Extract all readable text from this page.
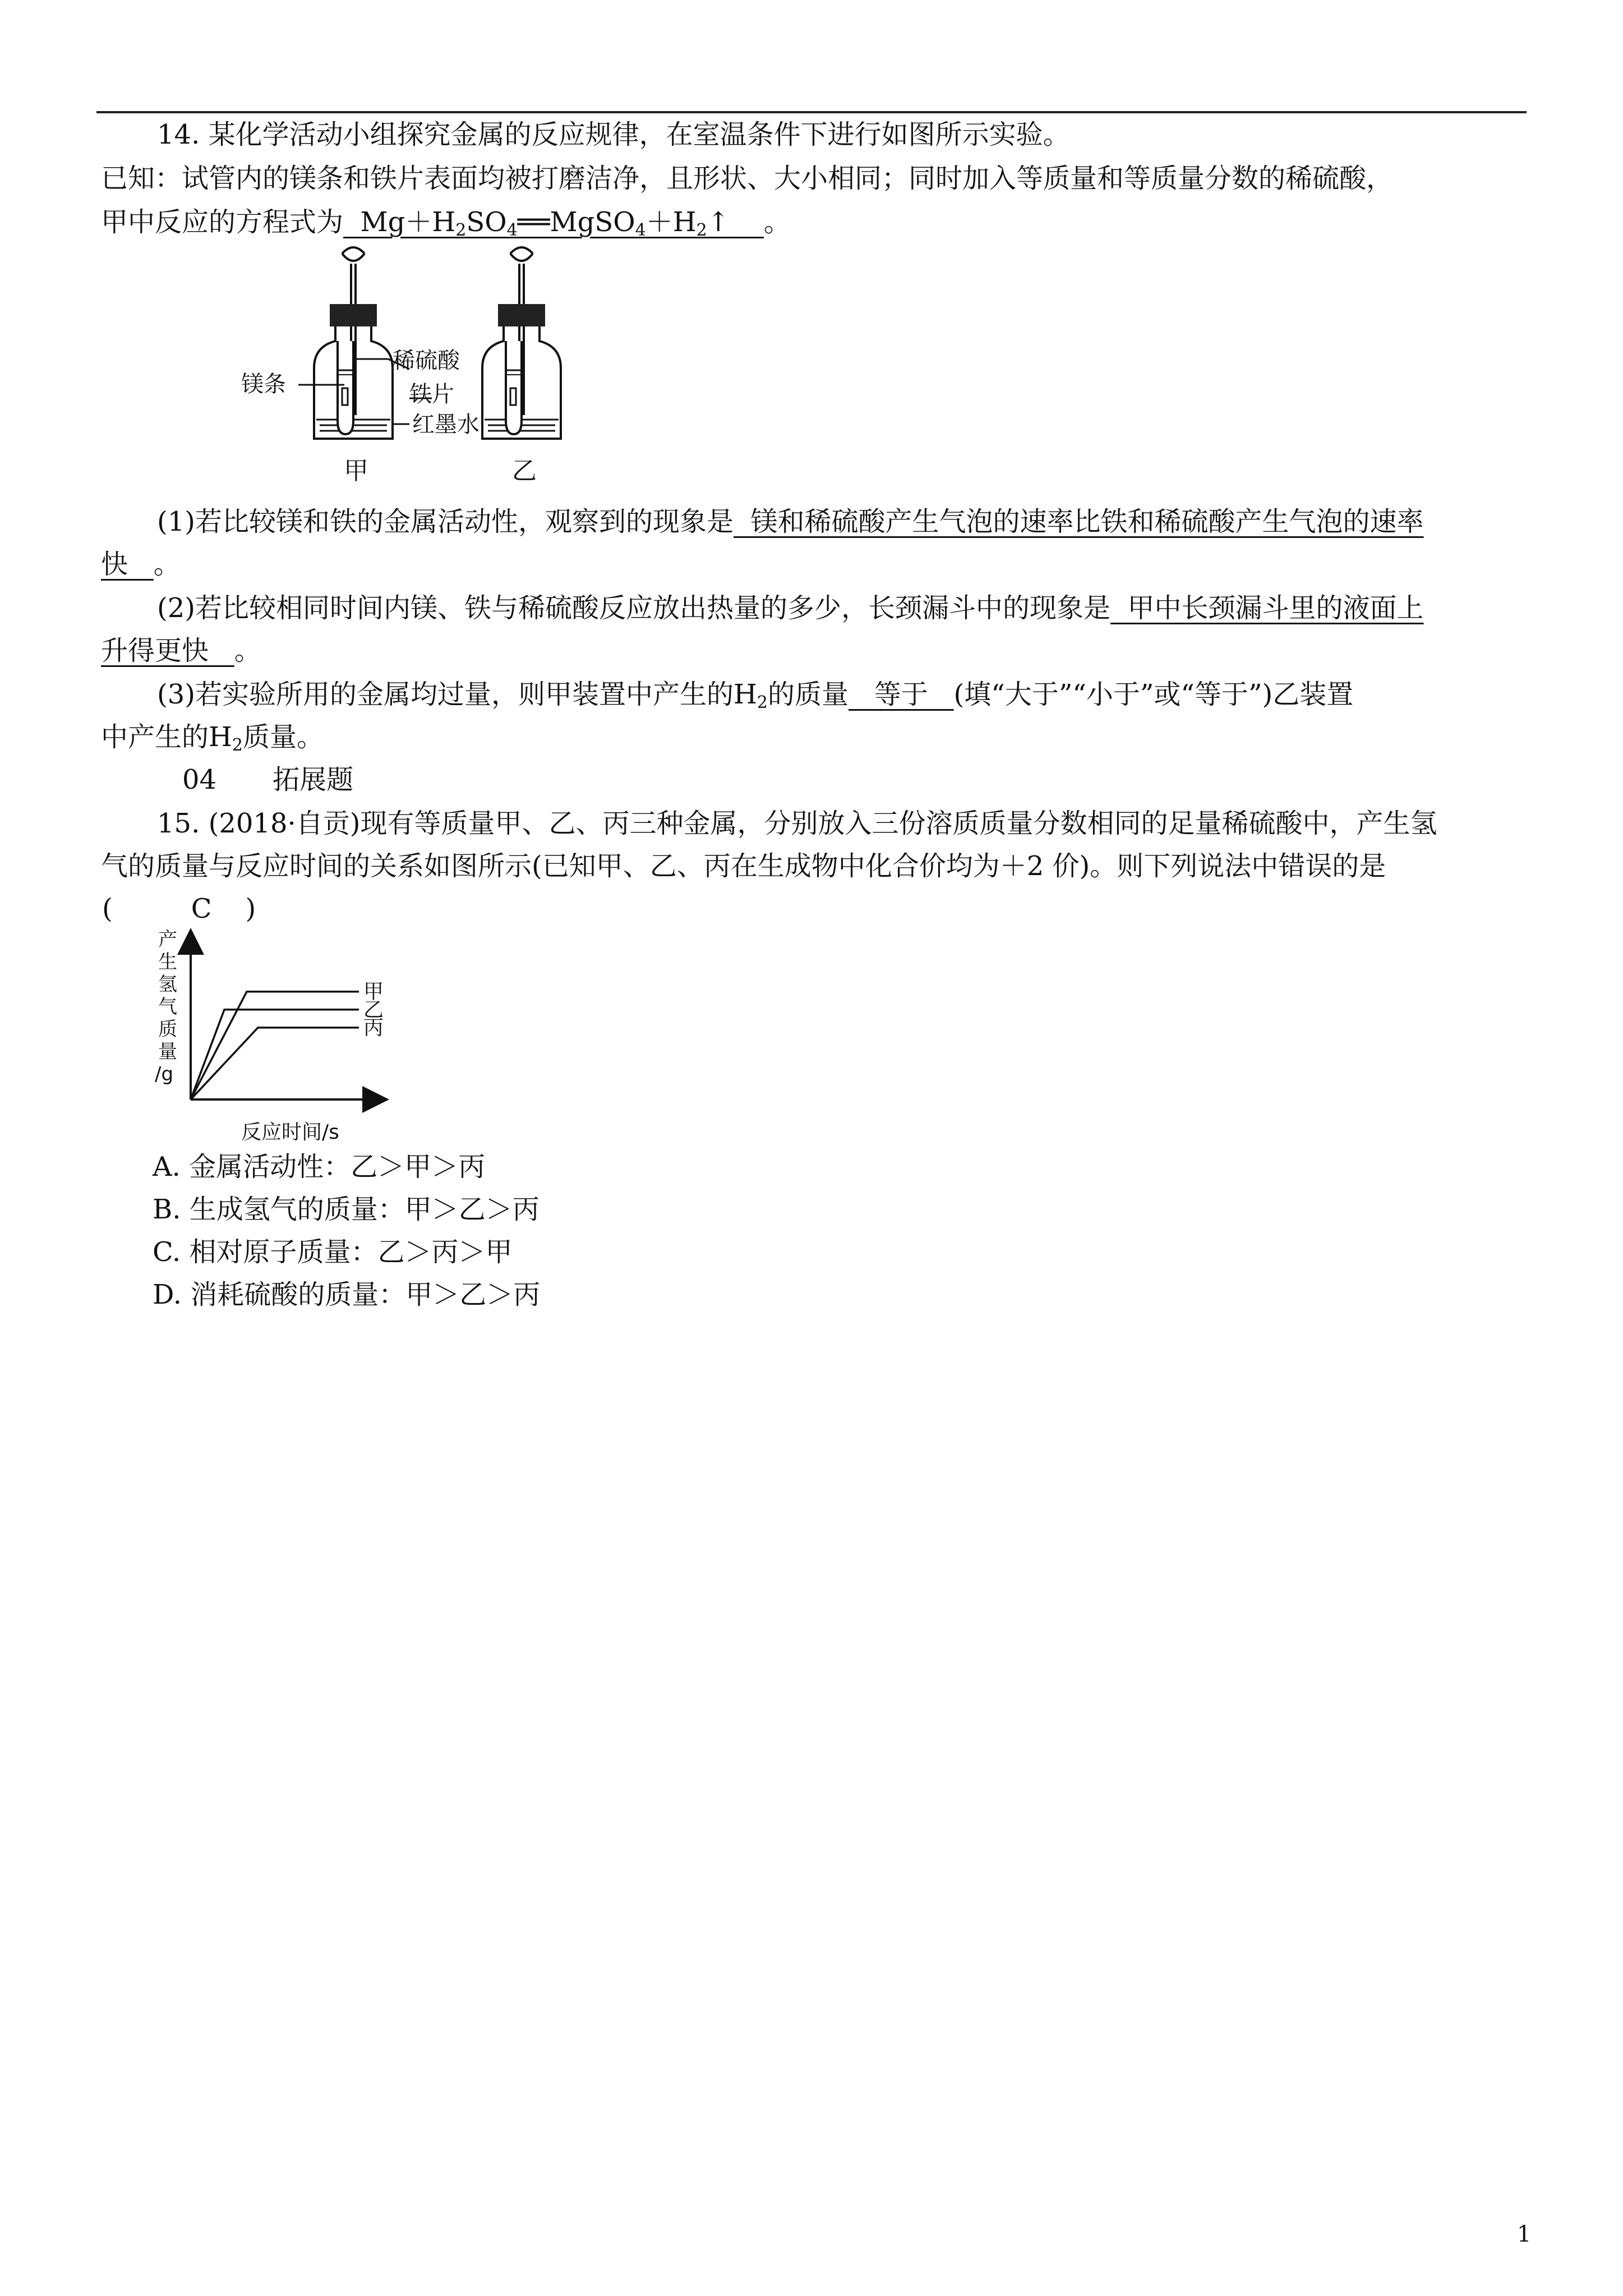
14. 某化学活动小组探究金属的反应规律，在室温条件下进行如图所示实验。
已知：试管内的镁条和铁片表面均被打磨洁净，且形状、大小相同；同时加入等质量和等质量分数的稀硫酸，
甲中反应的方程式为 $Mg+H_2SO_4══MgSO_4+H_2↑$ 。
镁条
稀硫酸
铁片
红墨水
甲	乙
(1)若比较镁和铁的金属活动性，观察到的现象是 镁和稀硫酸产生气泡的速率比铁和稀硫酸产生气泡的速率
快 。
(2)若比较相同时间内镁、铁与稀硫酸反应放出热量的多少，长颈漏斗中的现象是 甲中长颈漏斗里的液面上
升得更快 。
(3)若实验所用的金属均过量，则甲装置中产生的$H_2$的质量 等于 (填“大于”“小于”或“等于”)乙装置
中产生的$H_2$质量。
04 拓展题
15. (2018·自贡)现有等质量甲、乙、丙三种金属，分别放入三份溶质质量分数相同的足量稀硫酸中，产生氢
气的质量与反应时间的关系如图所示(已知甲、乙、丙在生成物中化合价均为＋2 价)。则下列说法中错误的是
(	C )
产
生
氢
气
质
量
/g
甲
乙
丙
反应时间/s
A. 金属活动性：乙＞甲＞丙
B. 生成氢气的质量：甲＞乙＞丙
C. 相对原子质量：乙＞丙＞甲
D. 消耗硫酸的质量：甲＞乙＞丙
1
